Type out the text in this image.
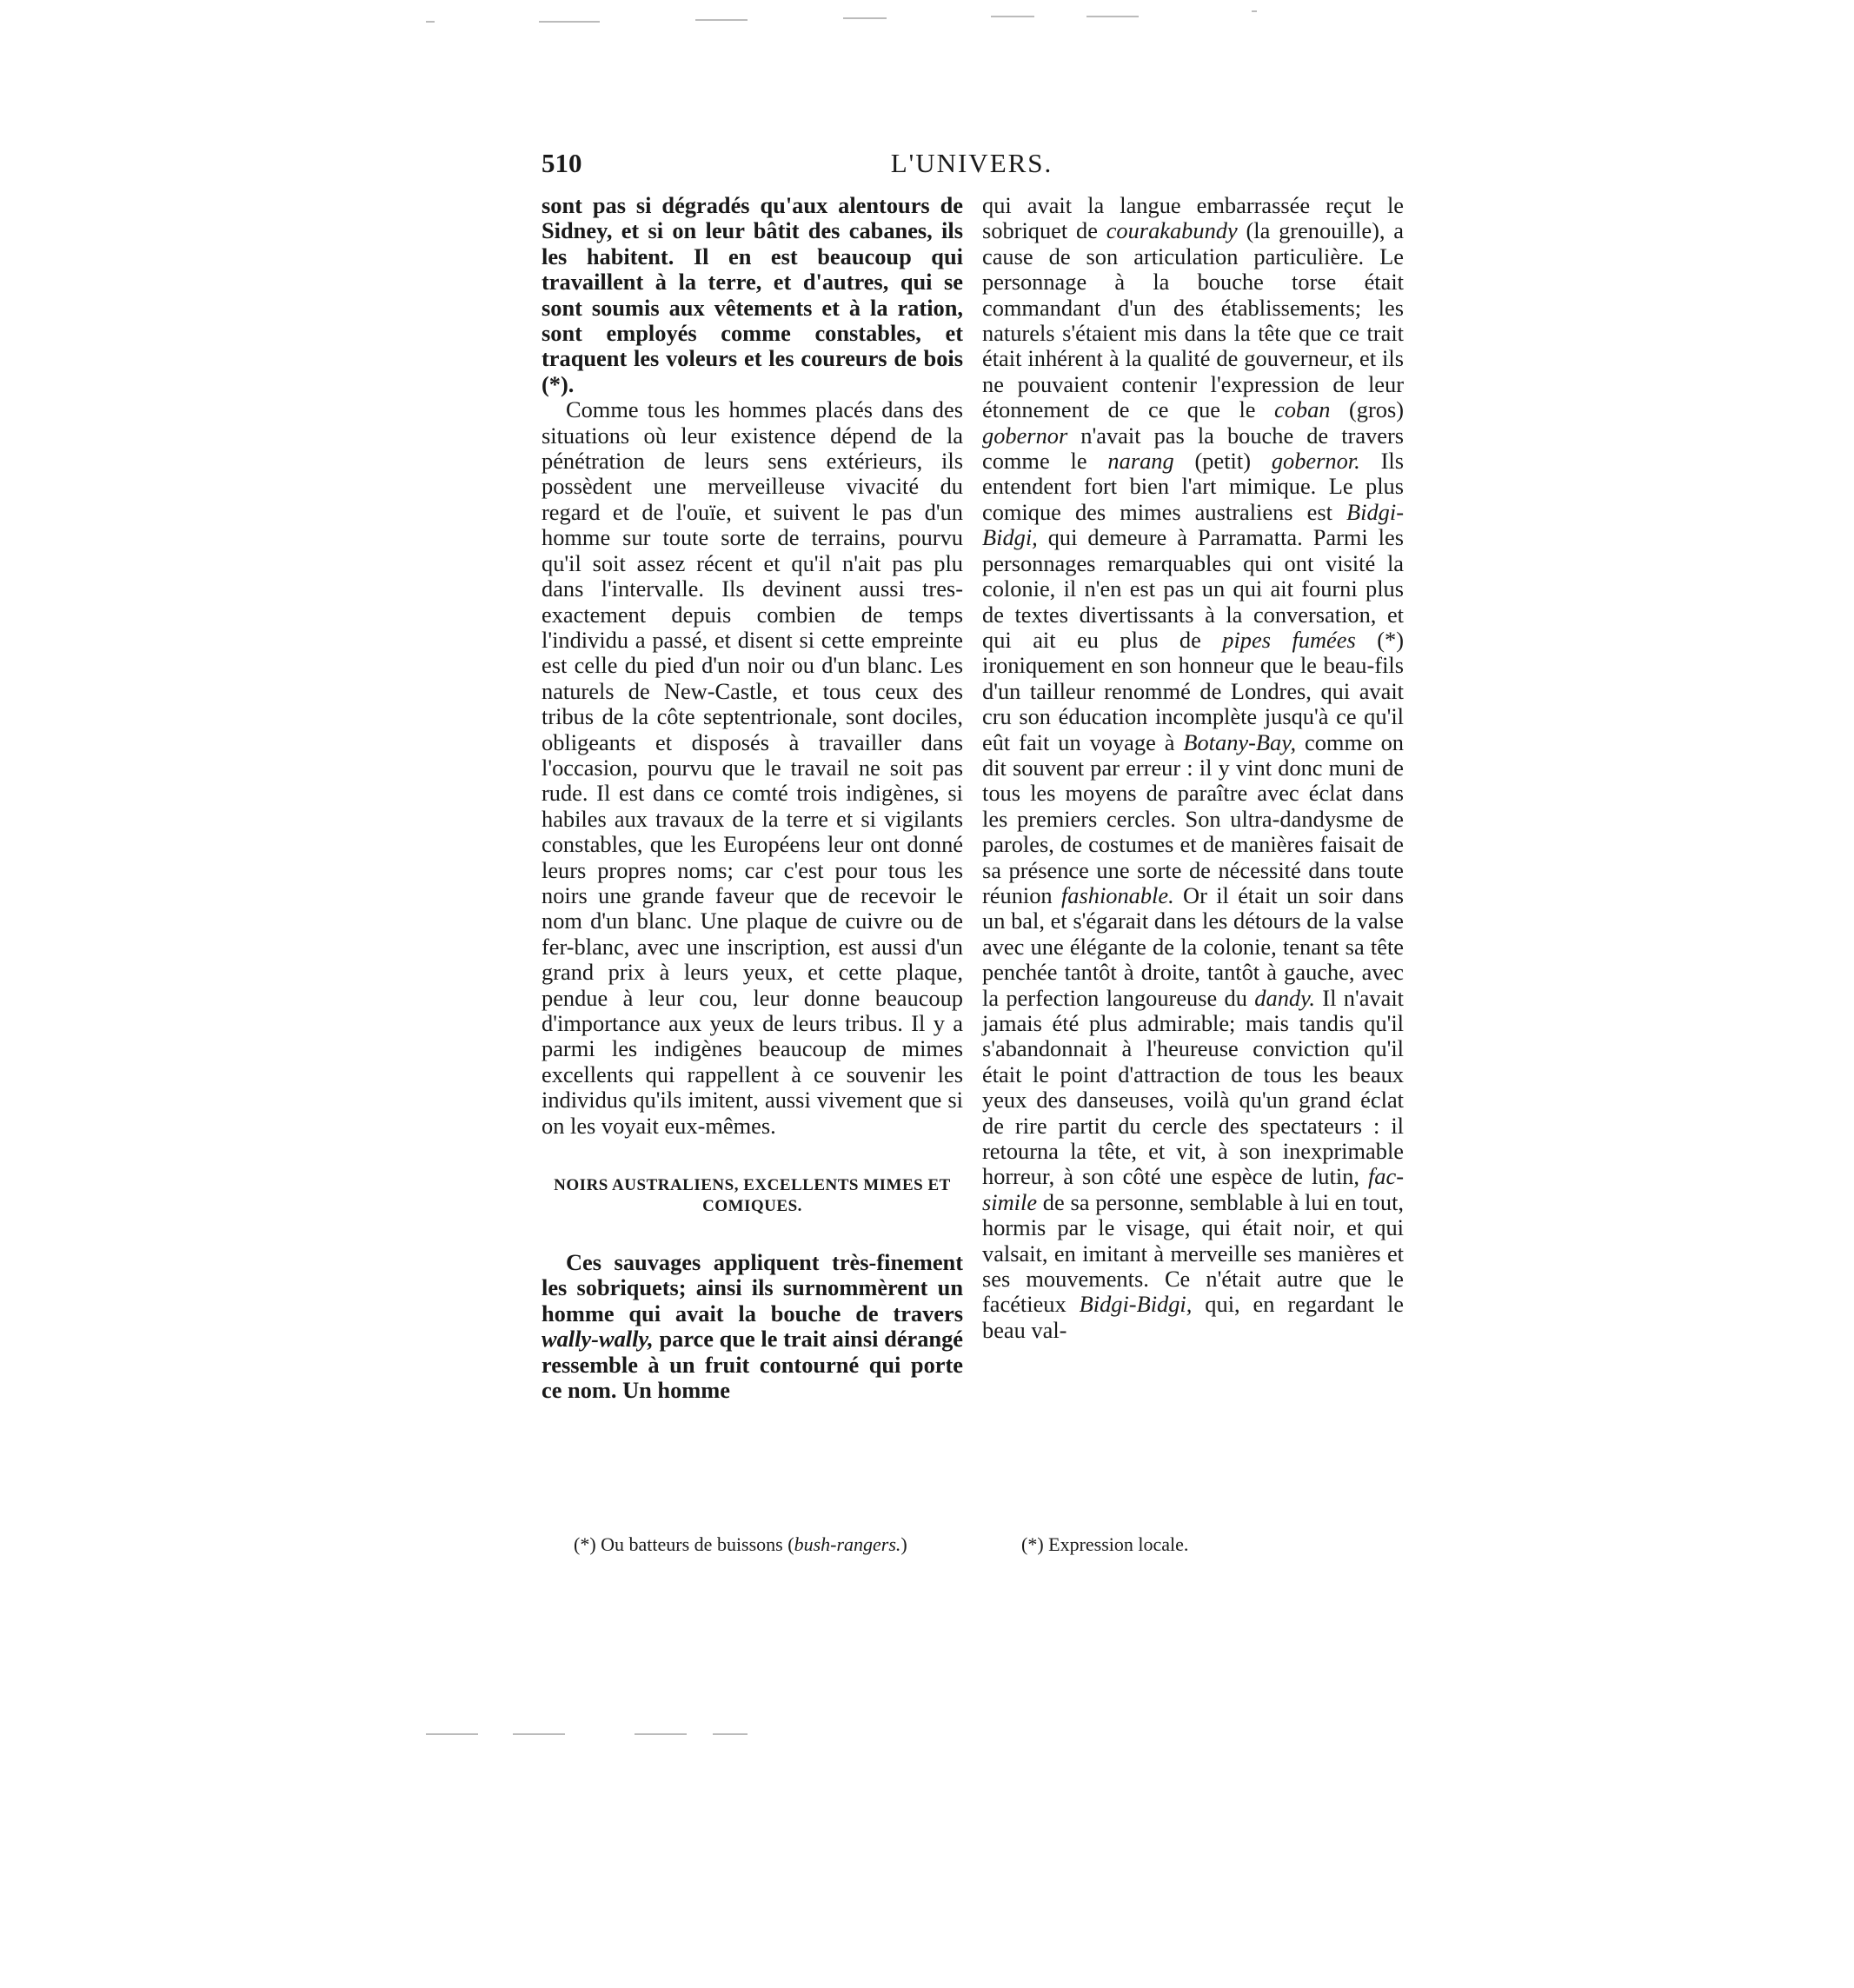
510	L'UNIVERS.

sont pas si dégradés qu'aux alentours de Sidney, et si on leur bâtit des cabanes, ils les habitent. Il en est beaucoup qui travaillent à la terre, et d'autres, qui se sont soumis aux vêtements et à la ration, sont employés comme constables, et traquent les voleurs et les coureurs de bois (*).

Comme tous les hommes placés dans des situations où leur existence dépend de la pénétration de leurs sens extérieurs, ils possèdent une merveilleuse vivacité du regard et de l'ouïe, et suivent le pas d'un homme sur toute sorte de terrains, pourvu qu'il soit assez récent et qu'il n'ait pas plu dans l'intervalle. Ils devinent aussi tres-exactement depuis combien de temps l'individu a passé, et disent si cette empreinte est celle du pied d'un noir ou d'un blanc. Les naturels de New-Castle, et tous ceux des tribus de la côte septentrionale, sont dociles, obligeants et disposés à travailler dans l'occasion, pourvu que le travail ne soit pas rude. Il est dans ce comté trois indigènes, si habiles aux travaux de la terre et si vigilants constables, que les Européens leur ont donné leurs propres noms; car c'est pour tous les noirs une grande faveur que de recevoir le nom d'un blanc. Une plaque de cuivre ou de fer-blanc, avec une inscription, est aussi d'un grand prix à leurs yeux, et cette plaque, pendue à leur cou, leur donne beaucoup d'importance aux yeux de leurs tribus. Il y a parmi les indigènes beaucoup de mimes excellents qui rappellent à ce souvenir les individus qu'ils imitent, aussi vivement que si on les voyait eux-mêmes.

NOIRS AUSTRALIENS, EXCELLENTS MIMES ET COMIQUES.

Ces sauvages appliquent très-finement les sobriquets; ainsi ils surnommèrent un homme qui avait la bouche de travers wally-wally, parce que le trait ainsi dérangé ressemble à un fruit contourné qui porte ce nom. Un homme

qui avait la langue embarrassée reçut le sobriquet de courakabundy (la grenouille), a cause de son articulation particulière. Le personnage à la bouche torse était commandant d'un des établissements; les naturels s'étaient mis dans la tête que ce trait était inhérent à la qualité de gouverneur, et ils ne pouvaient contenir l'expression de leur étonnement de ce que le coban (gros) gobernor n'avait pas la bouche de travers comme le narang (petit) gobernor. Ils entendent fort bien l'art mimique. Le plus comique des mimes australiens est Bidgi-Bidgi, qui demeure à Parramatta. Parmi les personnages remarquables qui ont visité la colonie, il n'en est pas un qui ait fourni plus de textes divertissants à la conversation, et qui ait eu plus de pipes fumées (*) ironiquement en son honneur que le beau-fils d'un tailleur renommé de Londres, qui avait cru son éducation incomplète jusqu'à ce qu'il eût fait un voyage à Botany-Bay, comme on dit souvent par erreur : il y vint donc muni de tous les moyens de paraître avec éclat dans les premiers cercles. Son ultra-dandysme de paroles, de costumes et de manières faisait de sa présence une sorte de nécessité dans toute réunion fashionable. Or il était un soir dans un bal, et s'égarait dans les détours de la valse avec une élégante de la colonie, tenant sa tête penchée tantôt à droite, tantôt à gauche, avec la perfection langoureuse du dandy. Il n'avait jamais été plus admirable; mais tandis qu'il s'abandonnait à l'heureuse conviction qu'il était le point d'attraction de tous les beaux yeux des danseuses, voilà qu'un grand éclat de rire partit du cercle des spectateurs : il retourna la tête, et vit, à son inexprimable horreur, à son côté une espèce de lutin, fac-simile de sa personne, semblable à lui en tout, hormis par le visage, qui était noir, et qui valsait, en imitant à merveille ses manières et ses mouvements. Ce n'était autre que le facétieux Bidgi-Bidgi, qui, en regardant le beau val-

(*) Ou batteurs de buissons (bush-rangers.)	(*) Expression locale.
